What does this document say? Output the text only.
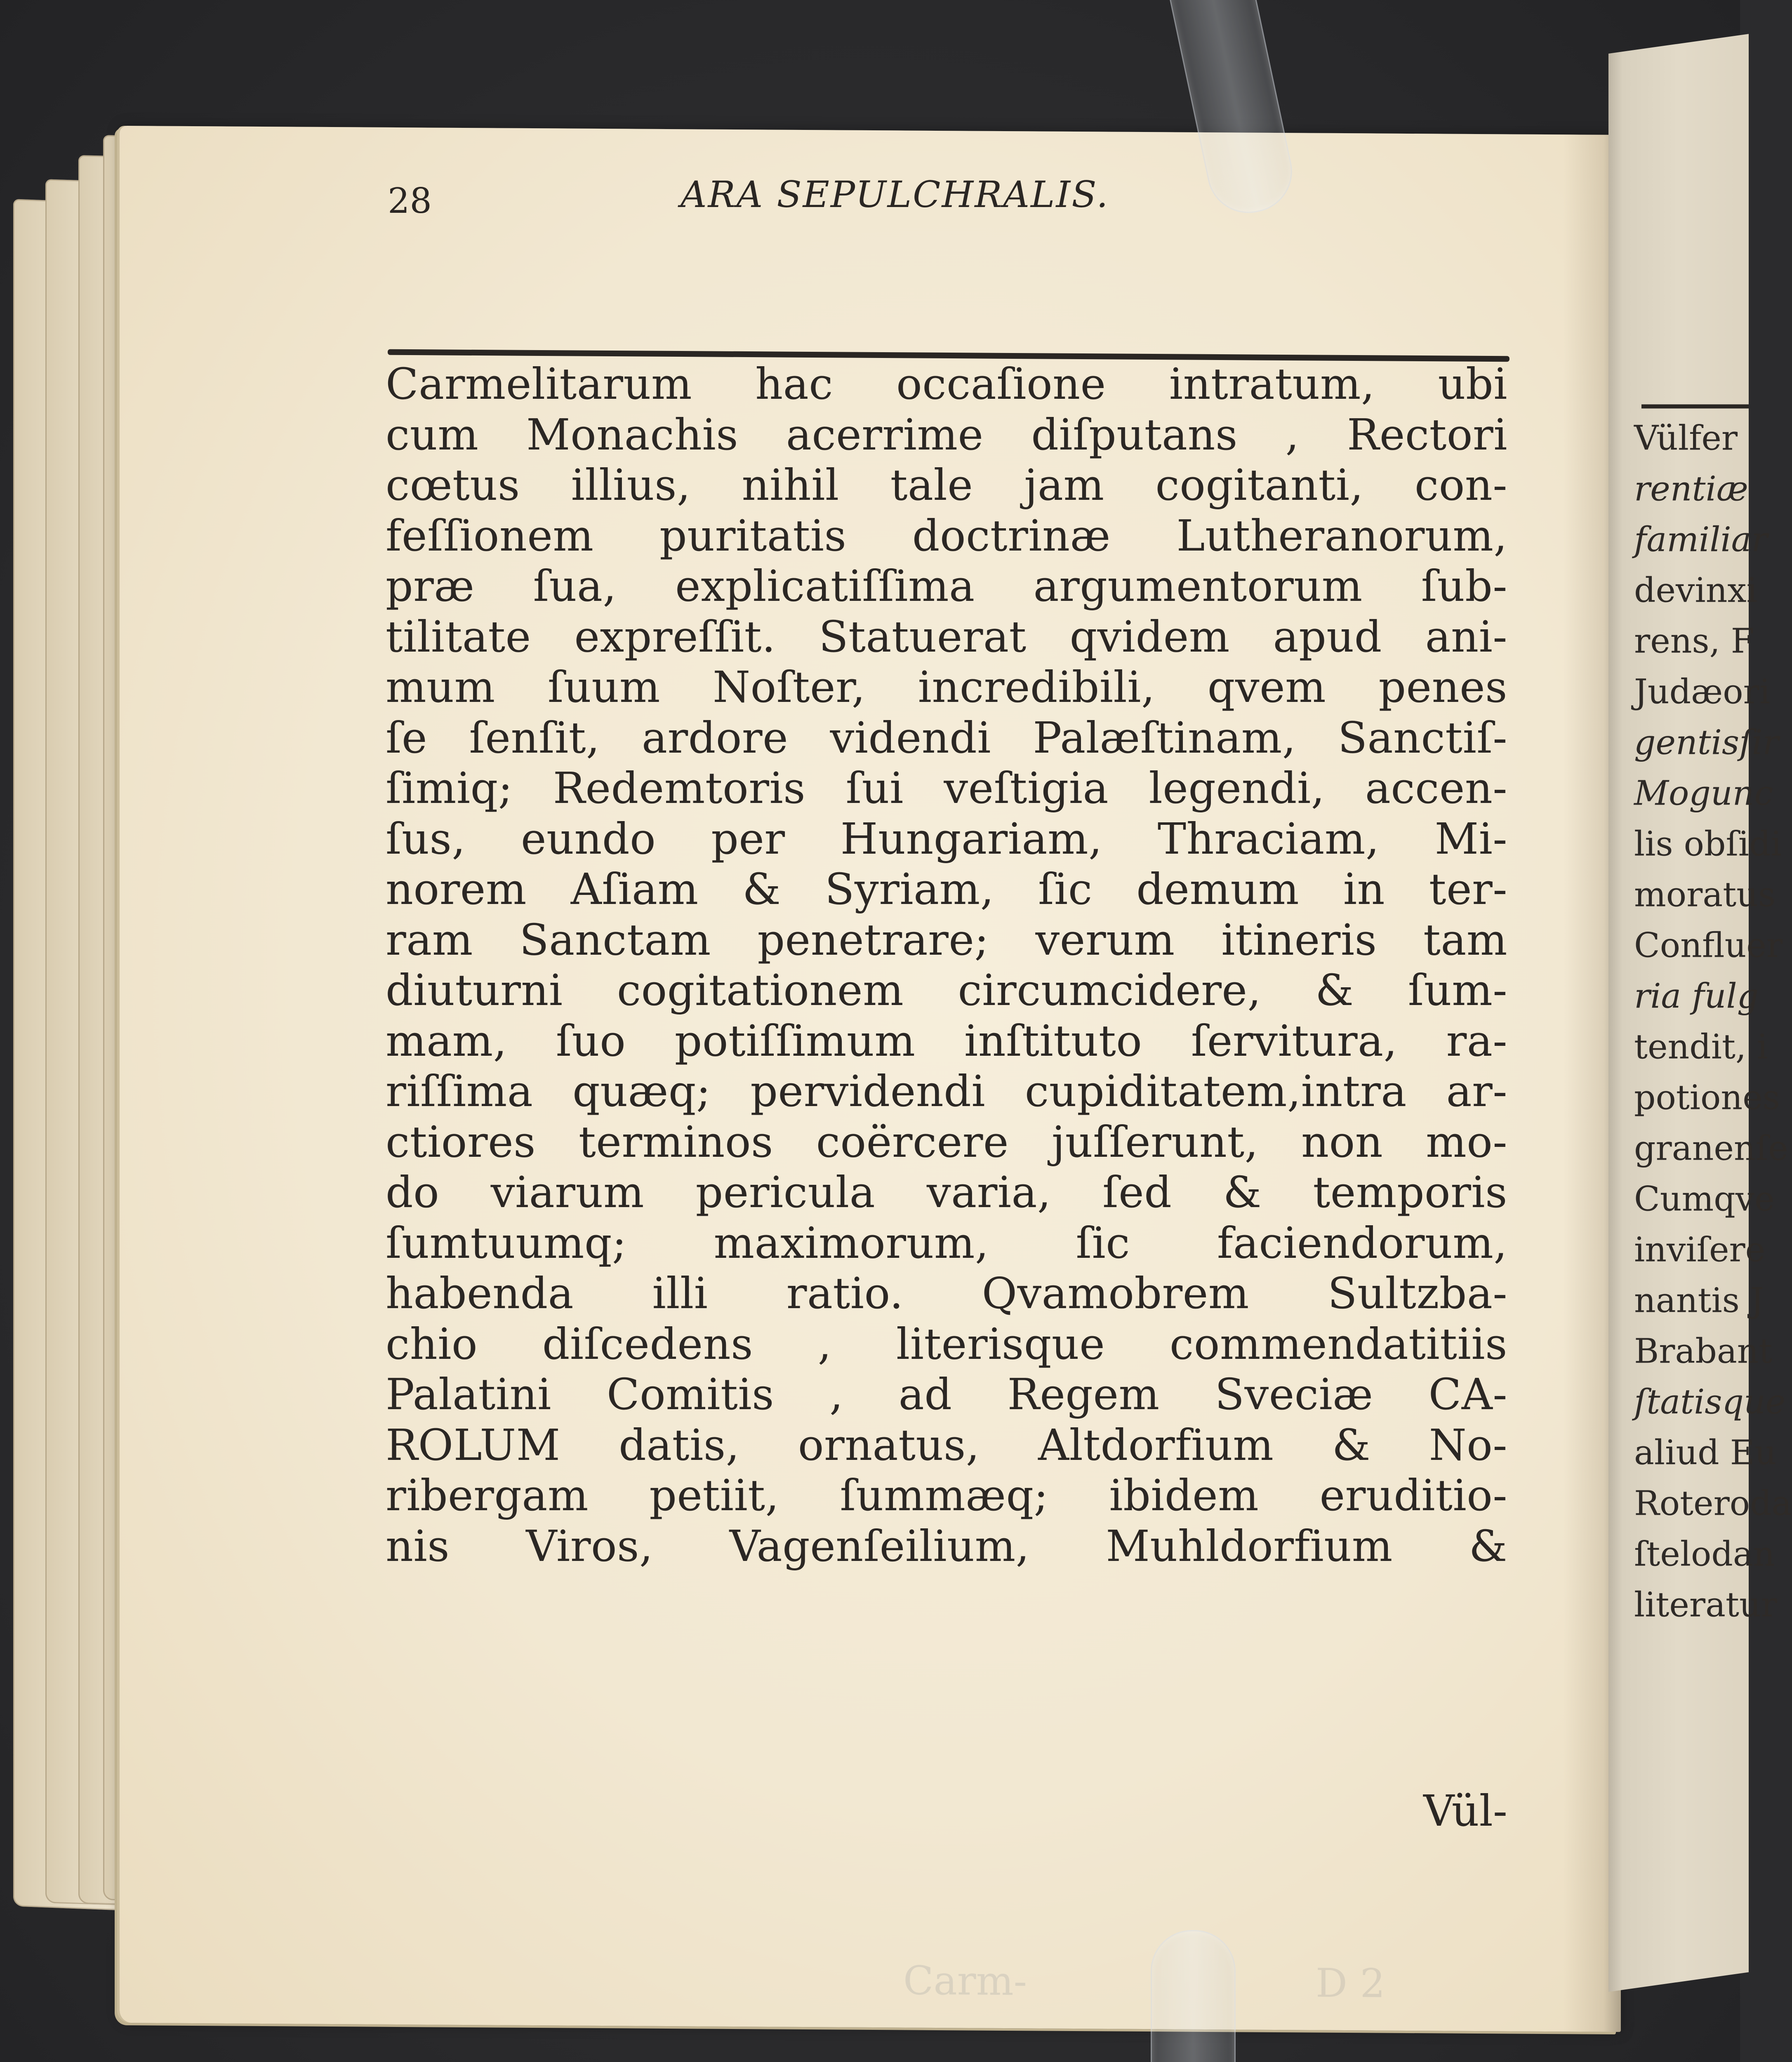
Carm-	D 2
28	ARA SEPULCHRALIS.
Carmelitarum hac occaſione intratum, ubi
cum Monachis acerrime diſputans , Rectori
cœtus illius, nihil tale jam cogitanti, con-
feſſionem puritatis doctrinæ Lutheranorum,
præ ſua, explicatiſſima argumentorum ſub-
tilitate expreſſit. Statuerat qvidem apud ani-
mum ſuum Noſter, incredibili, qvem penes
ſe ſenſit, ardore videndi Palæſtinam, Sanctiſ-
ſimiq; Redemtoris ſui veſtigia legendi, accen-
ſus, eundo per Hungariam, Thraciam, Mi-
norem Aſiam & Syriam, ſic demum in ter-
ram Sanctam penetrare; verum itineris tam
diuturni cogitationem circumcidere, & ſum-
mam, ſuo potiſſimum inſtituto ſervitura, ra-
riſſima quæq; pervidendi cupiditatem,intra ar-
ctiores terminos coërcere juſſerunt, non mo-
do viarum pericula varia, ſed & temporis
ſumtuumq; maximorum, ſic faciendorum,
habenda illi ratio. Qvamobrem Sultzba-
chio diſcedens , literisque commendatitiis
Palatini Comitis , ad Regem Sveciæ CA-
ROLUM datis, ornatus, Altdorfium & No-
ribergam petiit, ſummæq; ibidem eruditio-
nis Viros, Vagenſeilium, Muhldorfium &
Vül-
Vülfer
rentiæ
familiar
devinxi
rens, F
Judæori
gentisſir
Mogunc
lis obſidi
moratus
Confluer
ria fulg
tendit, i
potiones
granenſe
Cumqve
inviſere
nantis J
Brabant
ſtatisque
aliud Eu
Roteroda
ſtelodan
literatur
